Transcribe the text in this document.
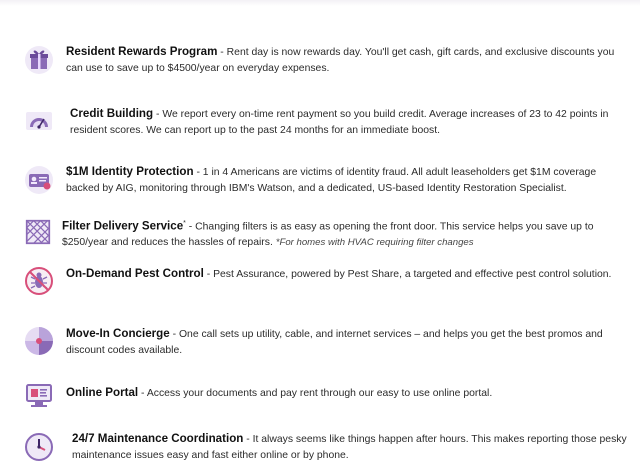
Resident Rewards Program - Rent day is now rewards day. You'll get cash, gift cards, and exclusive discounts you can use to save up to $4500/year on everyday expenses.
Credit Building - We report every on-time rent payment so you build credit. Average increases of 23 to 42 points in resident scores. We can report up to the past 24 months for an immediate boost.
$1M Identity Protection - 1 in 4 Americans are victims of identity fraud. All adult leaseholders get $1M coverage backed by AIG, monitoring through IBM's Watson, and a dedicated, US-based Identity Restoration Specialist.
Filter Delivery Service* - Changing filters is as easy as opening the front door. This service helps you save up to $250/year and reduces the hassles of repairs. *For homes with HVAC requiring filter changes
On-Demand Pest Control - Pest Assurance, powered by Pest Share, a targeted and effective pest control solution.
Move-In Concierge - One call sets up utility, cable, and internet services – and helps you get the best promos and discount codes available.
Online Portal - Access your documents and pay rent through our easy to use online portal.
24/7 Maintenance Coordination - It always seems like things happen after hours. This makes reporting those pesky maintenance issues easy and fast either online or by phone.
